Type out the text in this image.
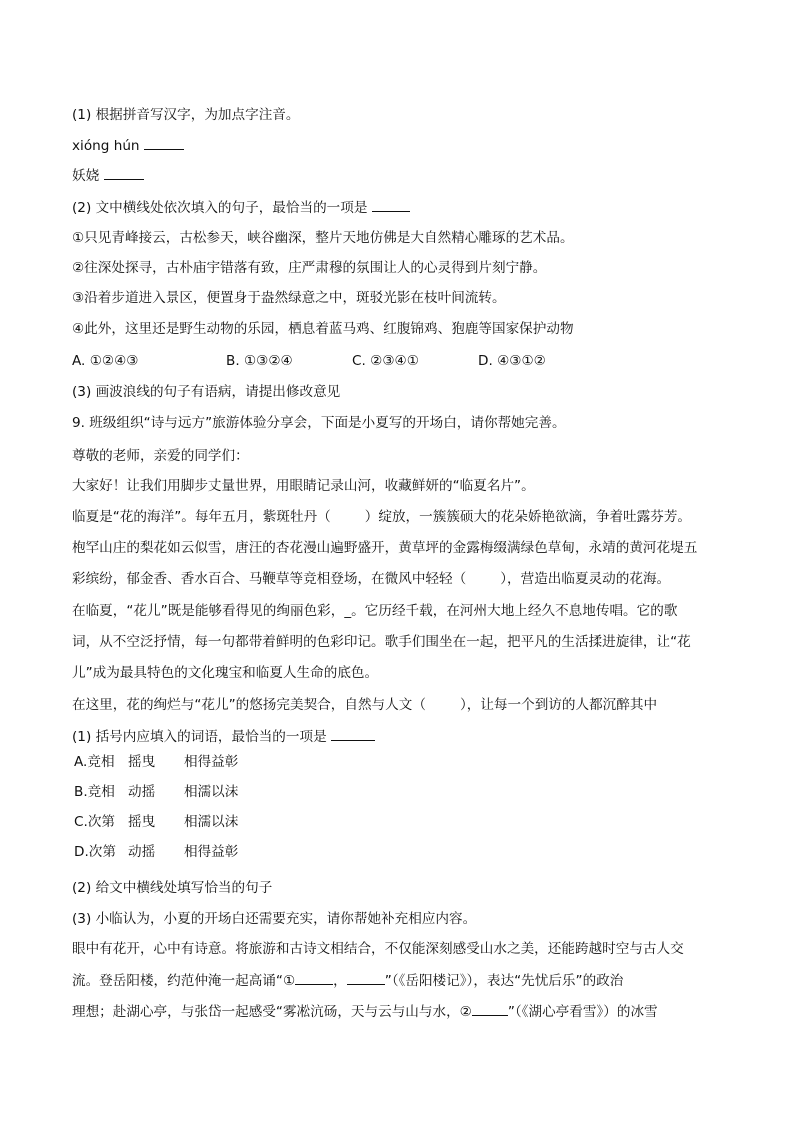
(1) 根据拼音写汉字，为加点字注音。
xióng hún
妖娆
(2) 文中横线处依次填入的句子，最恰当的一项是
①只见青峰接云，古松参天，峡谷幽深，整片天地仿佛是大自然精心雕琢的艺术品。
②往深处探寻，古朴庙宇错落有致，庄严肃穆的氛围让人的心灵得到片刻宁静。
③沿着步道进入景区，便置身于盎然绿意之中，斑驳光影在枝叶间流转。
④此外，这里还是野生动物的乐园，栖息着蓝马鸡、红腹锦鸡、狍鹿等国家保护动物
A. ①②④③	B. ①③②④	C. ②③④①	D. ④③①②
(3) 画波浪线的句子有语病，请提出修改意见
9. 班级组织“诗与远方”旅游体验分享会，下面是小夏写的开场白，请你帮她完善。
尊敬的老师，亲爱的同学们：
大家好！让我们用脚步丈量世界，用眼睛记录山河，收藏鲜妍的“临夏名片”。
临夏是“花的海洋”。每年五月，紫斑牡丹（	）绽放，一簇簇硕大的花朵娇艳欲滴，争着吐露芬芳。
枹罕山庄的梨花如云似雪，唐汪的杏花漫山遍野盛开，黄草坪的金露梅缀满绿色草甸，永靖的黄河花堤五
彩缤纷，郁金香、香水百合、马鞭草等竞相登场，在微风中轻轻（	），营造出临夏灵动的花海。
在临夏，“花儿”既是能够看得见的绚丽色彩，_。它历经千载，在河州大地上经久不息地传唱。它的歌
词，从不空泛抒情，每一句都带着鲜明的色彩印记。歌手们围坐在一起，把平凡的生活揉进旋律，让“花
儿”成为最具特色的文化瑰宝和临夏人生命的底色。
在这里，花的绚烂与“花儿”的悠扬完美契合，自然与人文（	），让每一个到访的人都沉醉其中
(1) 括号内应填入的词语，最恰当的一项是
A.竞相 摇曳 相得益彰
B.竞相 动摇 相濡以沫
C.次第 摇曳 相濡以沫
D.次第 动摇 相得益彰
(2) 给文中横线处填写恰当的句子
(3) 小临认为，小夏的开场白还需要充实，请你帮她补充相应内容。
眼中有花开，心中有诗意。将旅游和古诗文相结合，不仅能深刻感受山水之美，还能跨越时空与古人交
流。登岳阳楼，约范仲淹一起高诵“①	，	”（《岳阳楼记》），表达“先忧后乐”的政治
理想；赴湖心亭，与张岱一起感受“雾凇沆砀，天与云与山与水，②	”（《湖心亭看雪》）的冰雪
